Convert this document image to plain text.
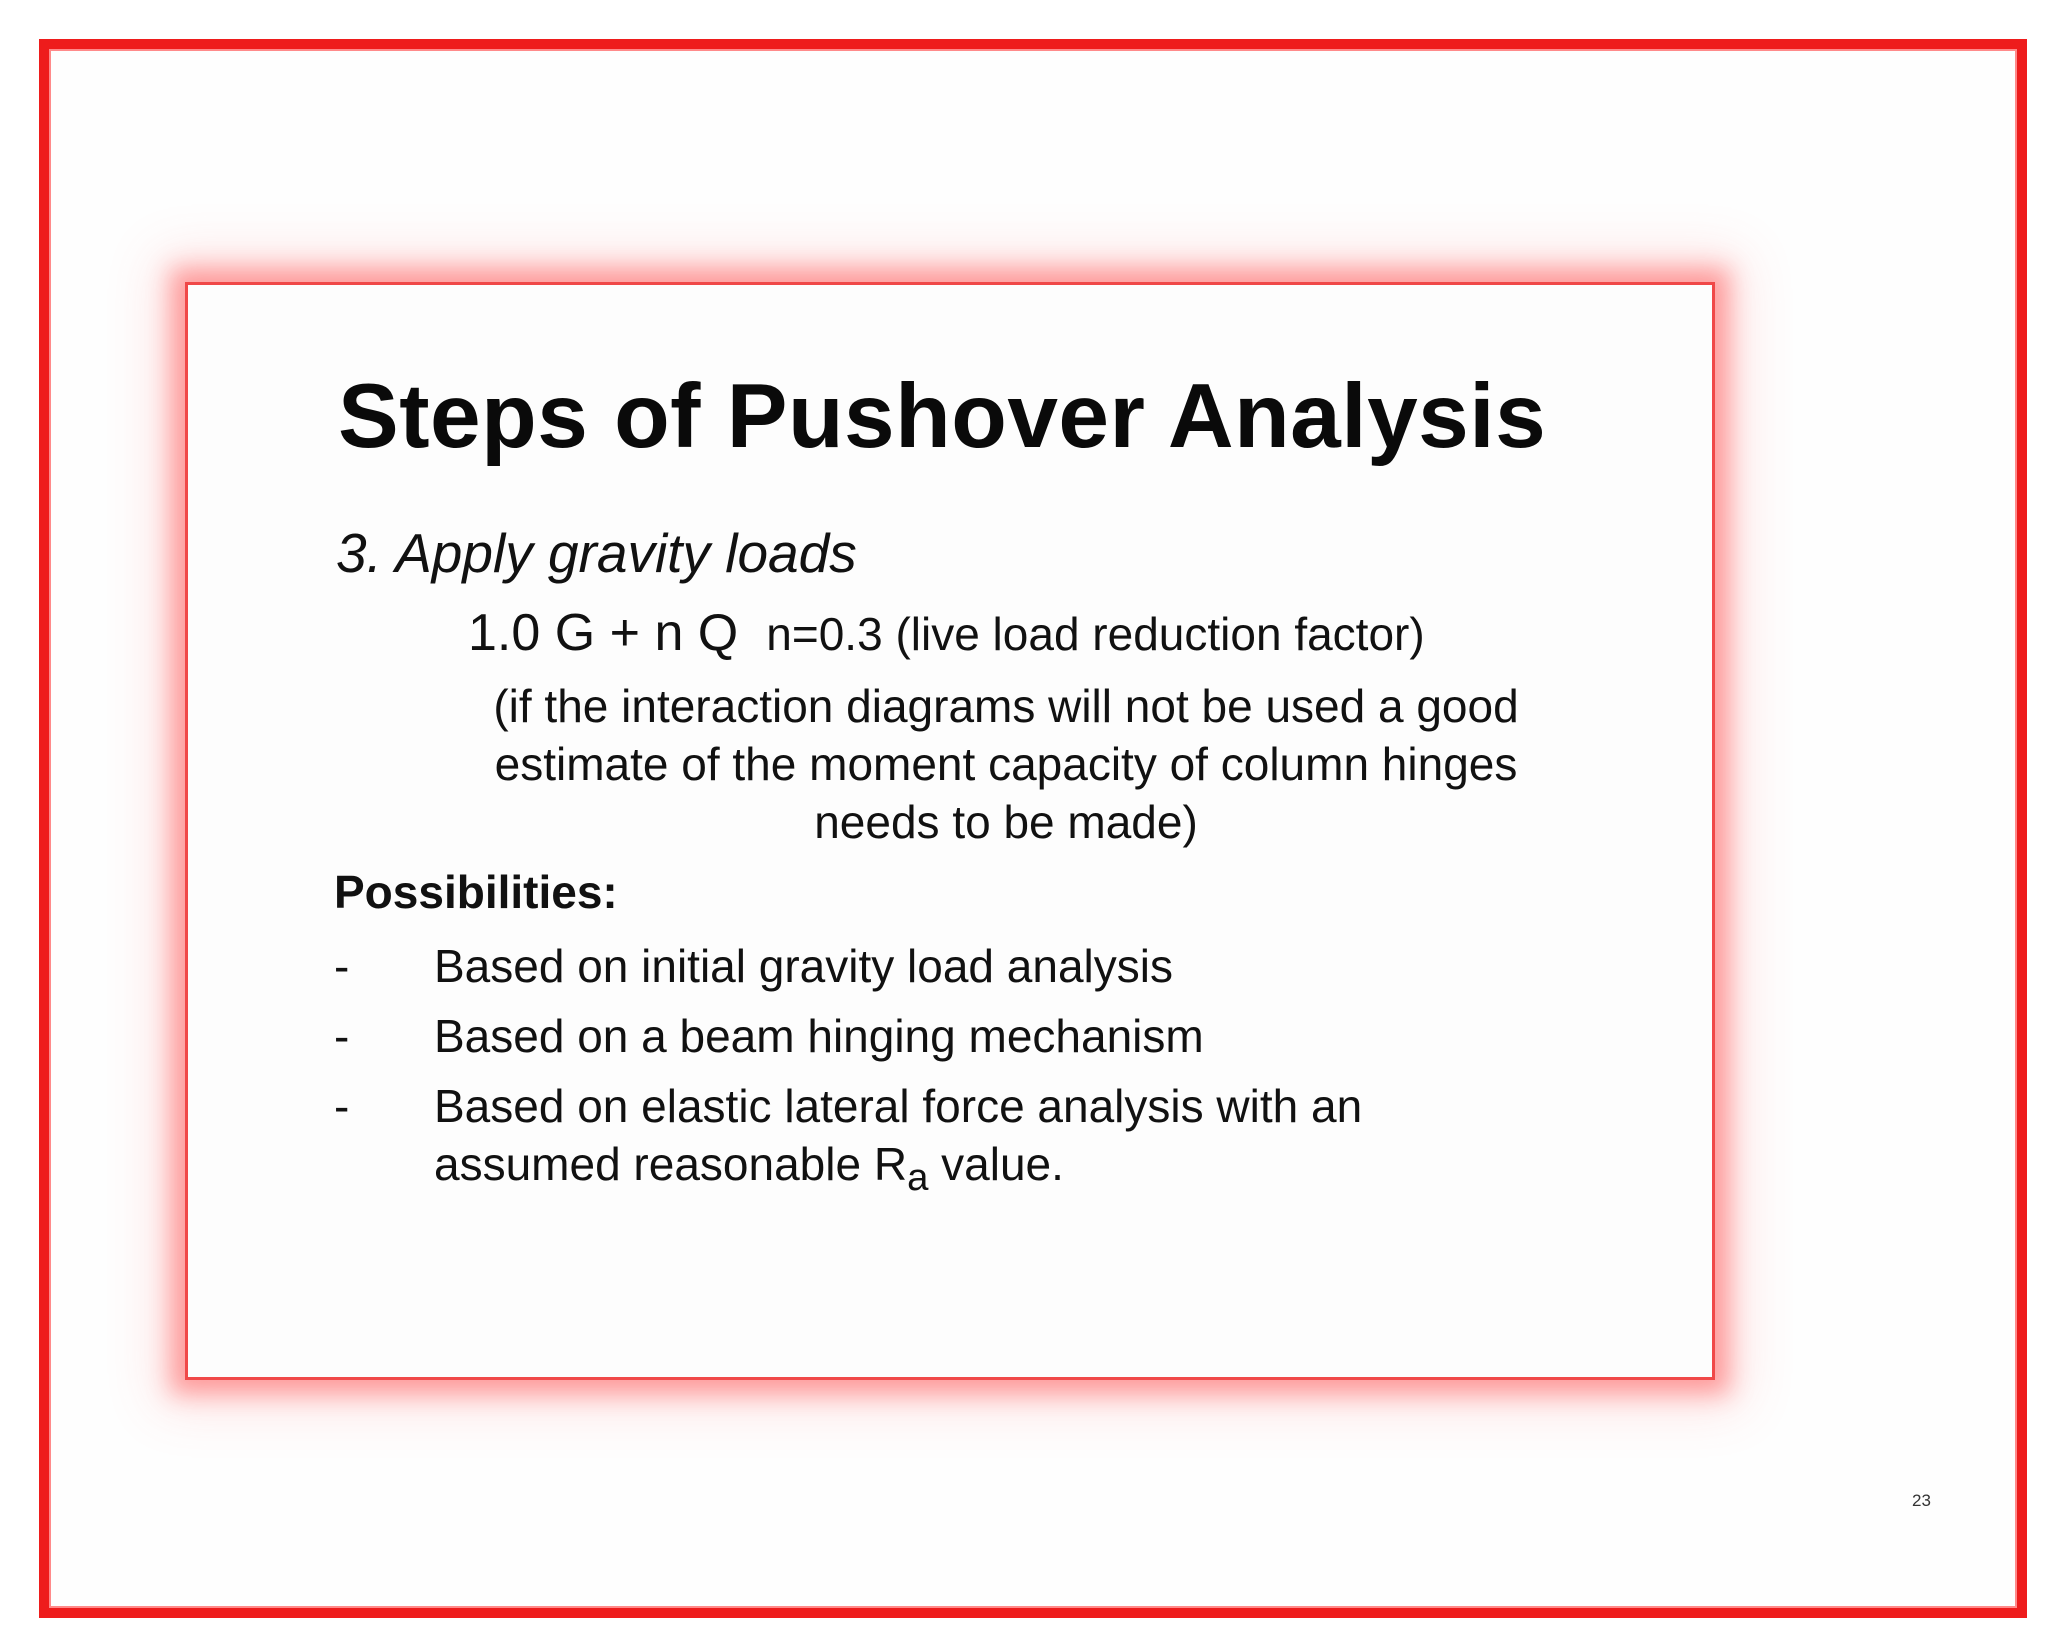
Steps of Pushover Analysis
3. Apply gravity loads
1.0 G + n Q n=0.3 (live load reduction factor)
(if the interaction diagrams will not be used a good estimate of the moment capacity of column hinges needs to be made)
Possibilities:
- Based on initial gravity load analysis
- Based on a beam hinging mechanism
- Based on elastic lateral force analysis with an assumed reasonable $R_a$ value.
23
